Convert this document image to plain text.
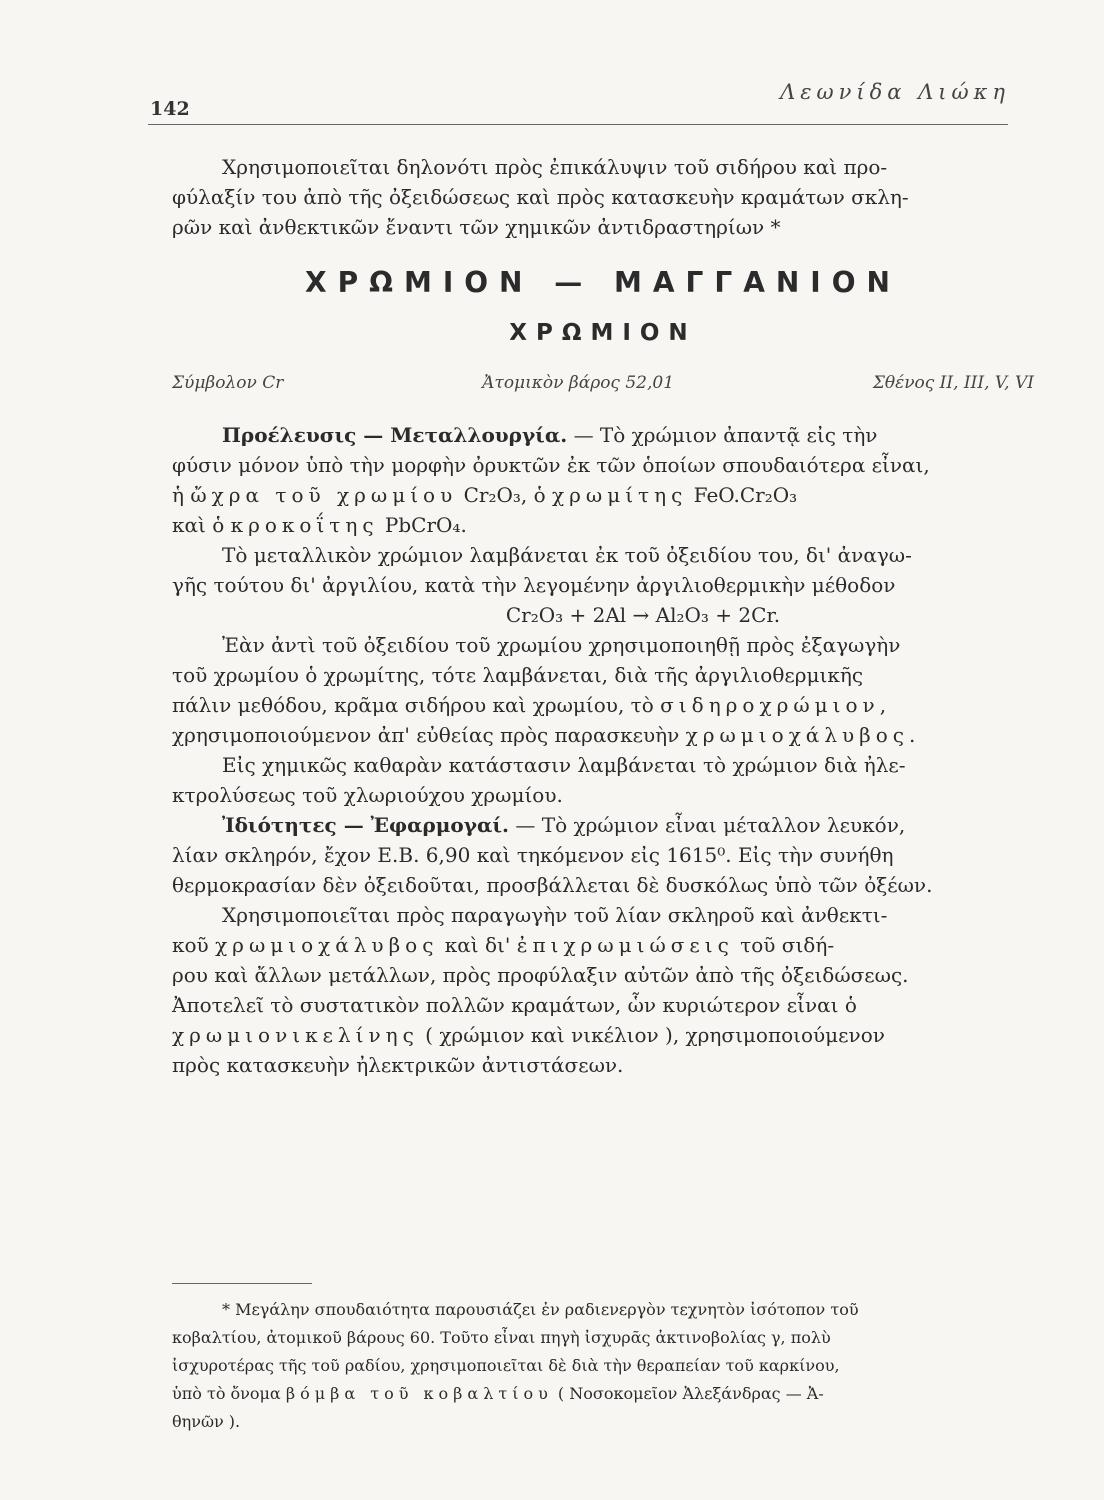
142
Λεωνίδα Λιώκη

Χρησιμοποιεῖται δηλονότι πρὸς ἐπικάλυψιν τοῦ σιδήρου καὶ προ-
φύλαξίν του ἀπὸ τῆς ὀξειδώσεως καὶ πρὸς κατασκευὴν κραμάτων σκλη-
ρῶν καὶ ἀνθεκτικῶν ἔναντι τῶν χημικῶν ἀντιδραστηρίων *

ΧΡΩΜΙΟΝ — ΜΑΓΓΑΝΙΟΝ
ΧΡΩΜΙΟΝ
Σύμβολον Cr	Ἀτομικὸν βάρος 52,01	Σθένος II, III, V, VI

Προέλευσις — Μεταλλουργία. — Τὸ χρώμιον ἀπαντᾷ εἰς τὴν
φύσιν μόνον ὑπὸ τὴν μορφὴν ὀρυκτῶν ἐκ τῶν ὁποίων σπουδαιότερα εἶναι,
ἡ ὤχρα τοῦ χρωμίου Cr₂O₃, ὁ χρωμίτης FeO.Cr₂O₃
καὶ ὁ κροκοΐτης PbCrO₄.

Τὸ μεταλλικὸν χρώμιον λαμβάνεται ἐκ τοῦ ὀξειδίου του, δι' ἀναγω-
γῆς τούτου δι' ἀργιλίου, κατὰ τὴν λεγομένην ἀργιλιοθερμικὴν μέθοδον

Cr₂O₃ + 2Al → Al₂O₃ + 2Cr.

Ἐὰν ἀντὶ τοῦ ὀξειδίου τοῦ χρωμίου χρησιμοποιηθῇ πρὸς ἐξαγωγὴν
τοῦ χρωμίου ὁ χρωμίτης, τότε λαμβάνεται, διὰ τῆς ἀργιλιοθερμικῆς
πάλιν μεθόδου, κρᾶμα σιδήρου καὶ χρωμίου, τὸ σιδηροχρώμιον,
χρησιμοποιούμενον ἀπ' εὐθείας πρὸς παρασκευὴν χρωμιοχάλυβος.

Εἰς χημικῶς καθαρὰν κατάστασιν λαμβάνεται τὸ χρώμιον διὰ ἠλε-
κτρολύσεως τοῦ χλωριούχου χρωμίου.

Ἰδιότητες — Ἐφαρμογαί. — Τὸ χρώμιον εἶναι μέταλλον λευκόν,
λίαν σκληρόν, ἔχον Ε.Β. 6,90 καὶ τηκόμενον εἰς 1615⁰. Εἰς τὴν συνήθη
θερμοκρασίαν δὲν ὀξειδοῦται, προσβάλλεται δὲ δυσκόλως ὑπὸ τῶν ὀξέων.

Χρησιμοποιεῖται πρὸς παραγωγὴν τοῦ λίαν σκληροῦ καὶ ἀνθεκτι-
κοῦ χρωμιοχάλυβος καὶ δι' ἐπιχρωμιώσεις τοῦ σιδή-
ρου καὶ ἄλλων μετάλλων, πρὸς προφύλαξιν αὐτῶν ἀπὸ τῆς ὀξειδώσεως.
Ἀποτελεῖ τὸ συστατικὸν πολλῶν κραμάτων, ὧν κυριώτερον εἶναι ὁ
χρωμιονικελίνης ( χρώμιον καὶ νικέλιον ), χρησιμοποιούμενον
πρὸς κατασκευὴν ἠλεκτρικῶν ἀντιστάσεων.

* Μεγάλην σπουδαιότητα παρουσιάζει ἐν ραδιενεργὸν τεχνητὸν ἰσότοπον τοῦ

κοβαλτίου, ἀτομικοῦ βάρους 60. Τοῦτο εἶναι πηγὴ ἰσχυρᾶς ἀκτινοβολίας γ, πολὺ

ἰσχυροτέρας τῆς τοῦ ραδίου, χρησιμοποιεῖται δὲ διὰ τὴν θεραπείαν τοῦ καρκίνου,

ὑπὸ τὸ ὄνομα βόμβα τοῦ κοβαλτίου ( Νοσοκομεῖον Ἀλεξάνδρας — Ἀ-

θηνῶν ).
